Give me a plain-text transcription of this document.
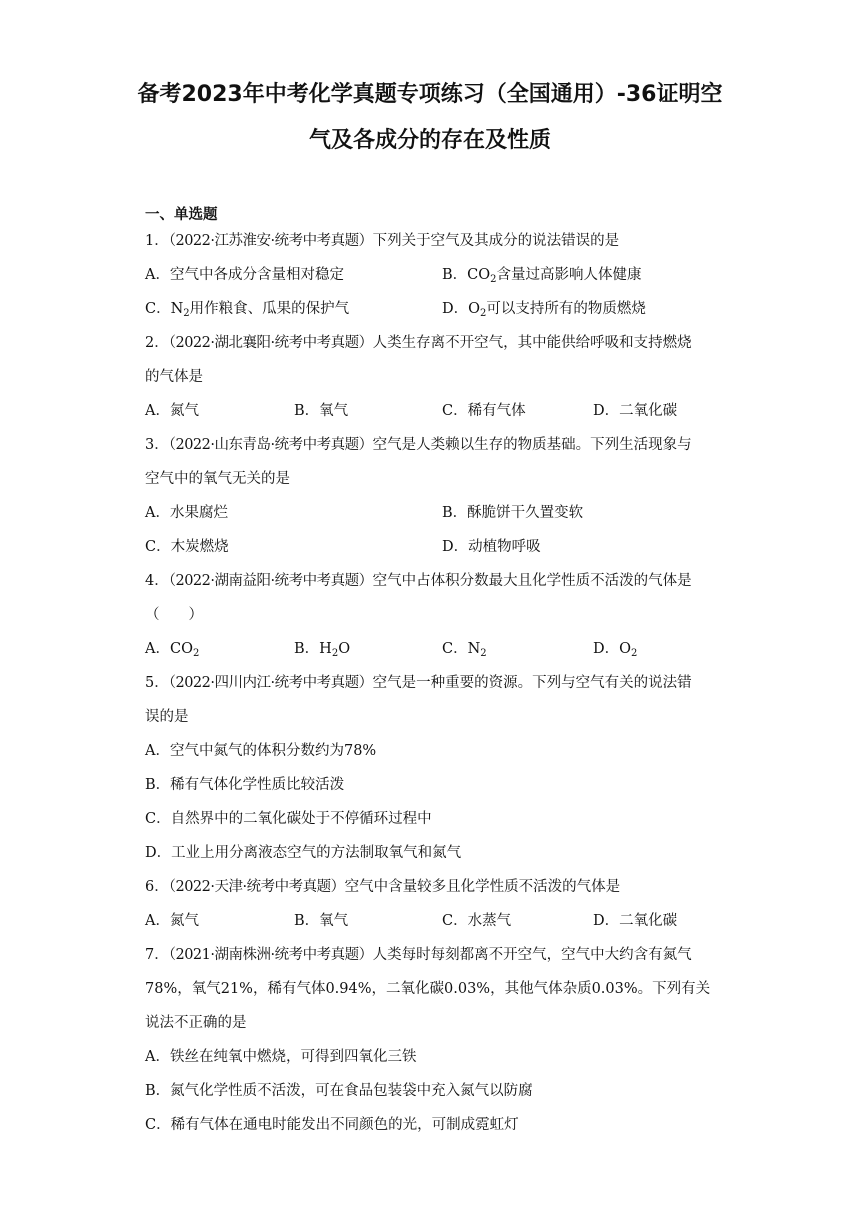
备考2023年中考化学真题专项练习（全国通用）-36证明空
气及各成分的存在及性质
一、单选题
1．（2022·江苏淮安·统考中考真题）下列关于空气及其成分的说法错误的是
A．空气中各成分含量相对稳定	B．$CO_2$含量过高影响人体健康
C．$N_2$用作粮食、瓜果的保护气	D．$O_2$可以支持所有的物质燃烧
2．（2022·湖北襄阳·统考中考真题）人类生存离不开空气，其中能供给呼吸和支持燃烧
的气体是
A．氮气	B．氧气	C．稀有气体	D．二氧化碳
3．（2022·山东青岛·统考中考真题）空气是人类赖以生存的物质基础。下列生活现象与
空气中的氧气无关的是
A．水果腐烂	B．酥脆饼干久置变软
C．木炭燃烧	D．动植物呼吸
4．（2022·湖南益阳·统考中考真题）空气中占体积分数最大且化学性质不活泼的气体是
（　　）
A．$CO_2$	B．$H_2O$	C．$N_2$	D．$O_2$
5．（2022·四川内江·统考中考真题）空气是一种重要的资源。下列与空气有关的说法错
误的是
A．空气中氮气的体积分数约为78%
B．稀有气体化学性质比较活泼
C．自然界中的二氧化碳处于不停循环过程中
D．工业上用分离液态空气的方法制取氧气和氮气
6．（2022·天津·统考中考真题）空气中含量较多且化学性质不活泼的气体是
A．氮气	B．氧气	C．水蒸气	D．二氧化碳
7．（2021·湖南株洲·统考中考真题）人类每时每刻都离不开空气，空气中大约含有氮气
78%，氧气21%，稀有气体0.94%，二氧化碳0.03%，其他气体杂质0.03%。下列有关
说法不正确的是
A．铁丝在纯氧中燃烧，可得到四氧化三铁
B．氮气化学性质不活泼，可在食品包装袋中充入氮气以防腐
C．稀有气体在通电时能发出不同颜色的光，可制成霓虹灯
